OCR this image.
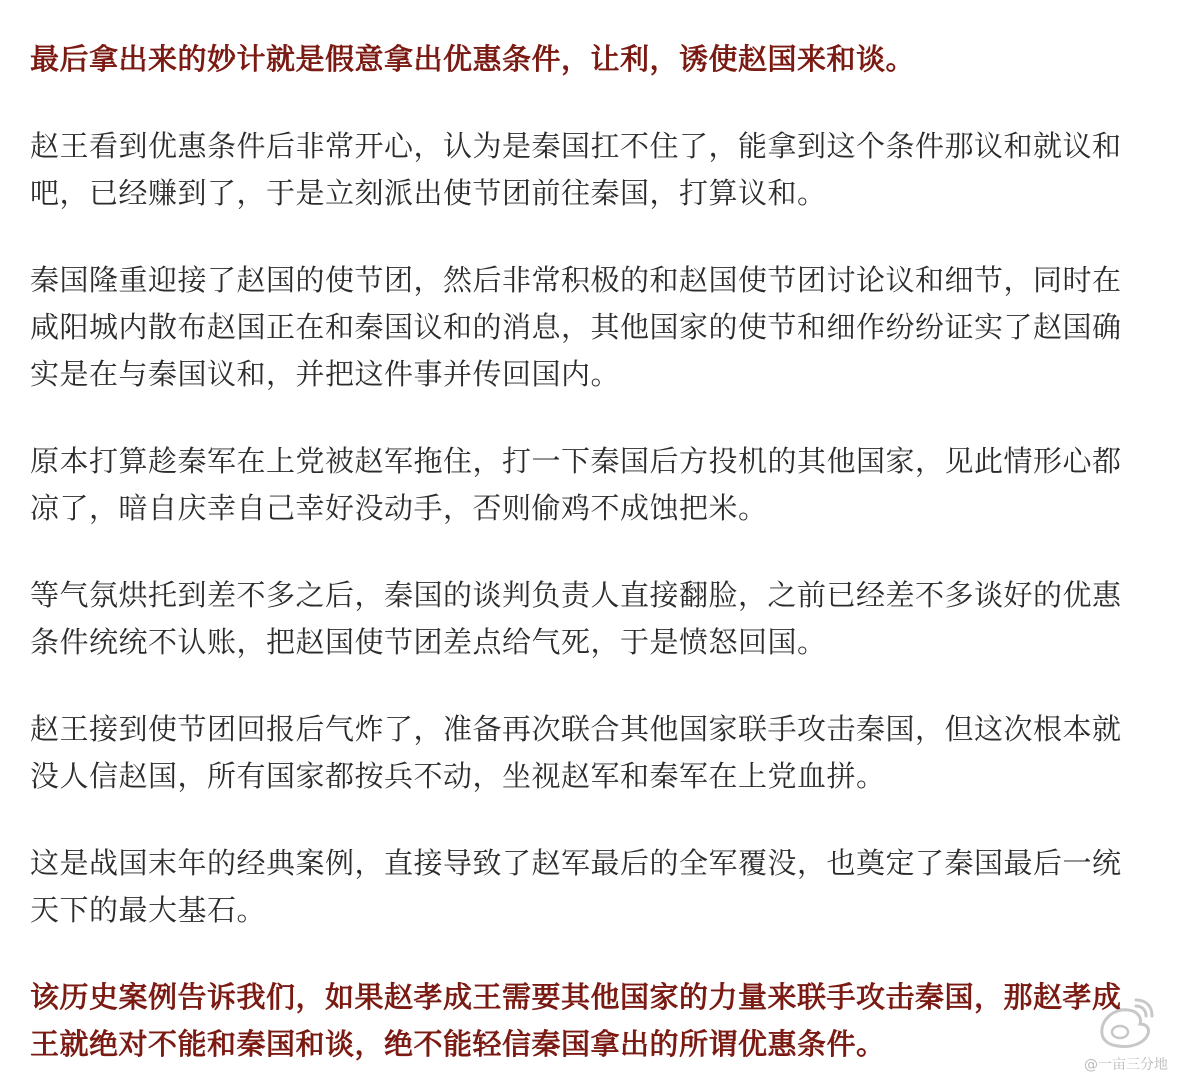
最后拿出来的妙计就是假意拿出优惠条件，让利，诱使赵国来和谈。

赵王看到优惠条件后非常开心，认为是秦国扛不住了，能拿到这个条件那议和就议和吧，已经赚到了，于是立刻派出使节团前往秦国，打算议和。

秦国隆重迎接了赵国的使节团，然后非常积极的和赵国使节团讨论议和细节，同时在咸阳城内散布赵国正在和秦国议和的消息，其他国家的使节和细作纷纷证实了赵国确实是在与秦国议和，并把这件事并传回国内。

原本打算趁秦军在上党被赵军拖住，打一下秦国后方投机的其他国家，见此情形心都凉了，暗自庆幸自己幸好没动手，否则偷鸡不成蚀把米。

等气氛烘托到差不多之后，秦国的谈判负责人直接翻脸，之前已经差不多谈好的优惠条件统统不认账，把赵国使节团差点给气死，于是愤怒回国。

赵王接到使节团回报后气炸了，准备再次联合其他国家联手攻击秦国，但这次根本就没人信赵国，所有国家都按兵不动，坐视赵军和秦军在上党血拼。

这是战国末年的经典案例，直接导致了赵军最后的全军覆没，也奠定了秦国最后一统天下的最大基石。

该历史案例告诉我们，如果赵孝成王需要其他国家的力量来联手攻击秦国，那赵孝成王就绝对不能和秦国和谈，绝不能轻信秦国拿出的所谓优惠条件。

@一亩三分地
